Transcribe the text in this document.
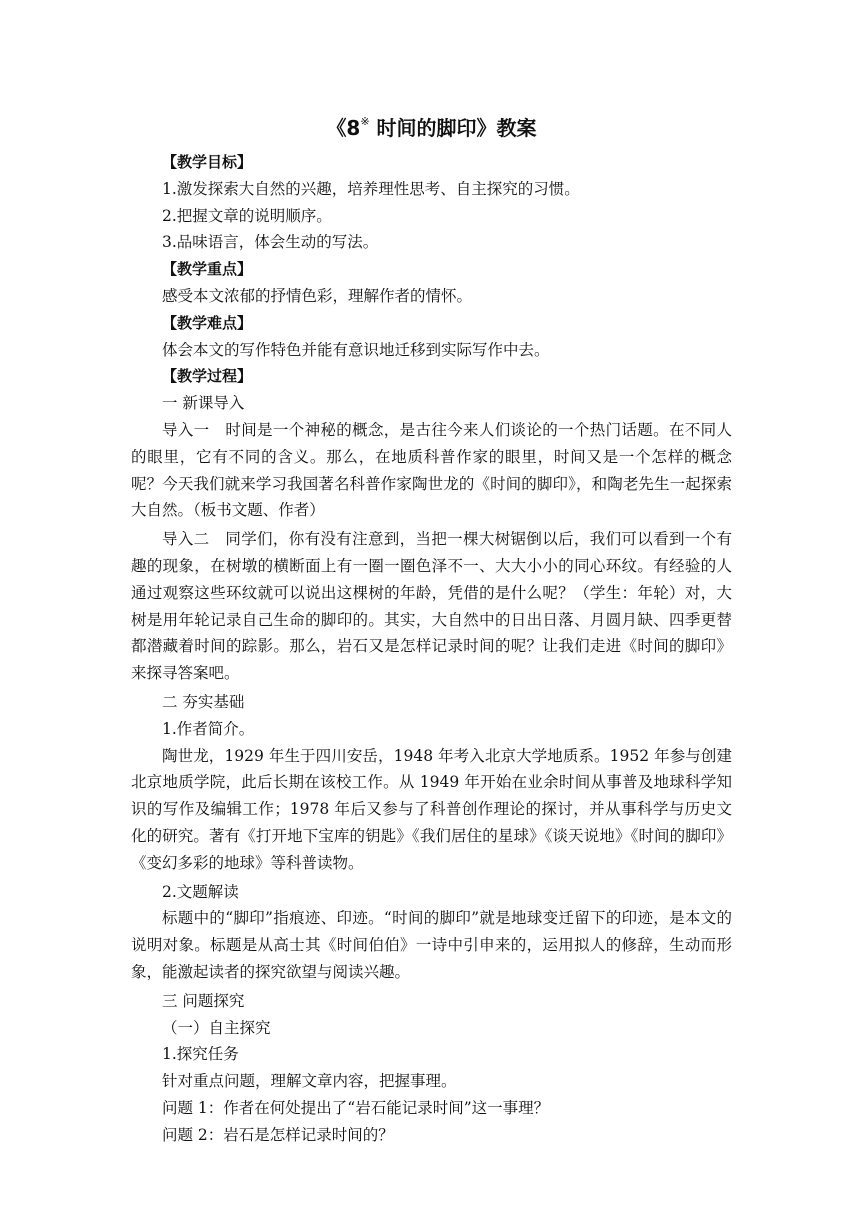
《8※ 时间的脚印》教案
【教学目标】
1.激发探索大自然的兴趣，培养理性思考、自主探究的习惯。
2.把握文章的说明顺序。
3.品味语言，体会生动的写法。
【教学重点】
感受本文浓郁的抒情色彩，理解作者的情怀。
【教学难点】
体会本文的写作特色并能有意识地迁移到实际写作中去。
【教学过程】
一 新课导入
导入一　时间是一个神秘的概念，是古往今来人们谈论的一个热门话题。在不同人的眼里，它有不同的含义。那么，在地质科普作家的眼里，时间又是一个怎样的概念呢？今天我们就来学习我国著名科普作家陶世龙的《时间的脚印》，和陶老先生一起探索大自然。（板书文题、作者）
导入二　同学们，你有没有注意到，当把一棵大树锯倒以后，我们可以看到一个有趣的现象，在树墩的横断面上有一圈一圈色泽不一、大大小小的同心环纹。有经验的人通过观察这些环纹就可以说出这棵树的年龄，凭借的是什么呢？（学生：年轮）对，大树是用年轮记录自己生命的脚印的。其实，大自然中的日出日落、月圆月缺、四季更替都潜藏着时间的踪影。那么，岩石又是怎样记录时间的呢？让我们走进《时间的脚印》来探寻答案吧。
二 夯实基础
1.作者简介。
陶世龙，1929 年生于四川安岳，1948 年考入北京大学地质系。1952 年参与创建北京地质学院，此后长期在该校工作。从 1949 年开始在业余时间从事普及地球科学知识的写作及编辑工作；1978 年后又参与了科普创作理论的探讨，并从事科学与历史文化的研究。著有《打开地下宝库的钥匙》《我们居住的星球》《谈天说地》《时间的脚印》《变幻多彩的地球》等科普读物。
2.文题解读
标题中的“脚印”指痕迹、印迹。“时间的脚印”就是地球变迁留下的印迹，是本文的说明对象。标题是从高士其《时间伯伯》一诗中引申来的，运用拟人的修辞，生动而形象，能激起读者的探究欲望与阅读兴趣。
三 问题探究
（一）自主探究
1.探究任务
针对重点问题，理解文章内容，把握事理。
问题 1：作者在何处提出了“岩石能记录时间”这一事理？
问题 2：岩石是怎样记录时间的？
